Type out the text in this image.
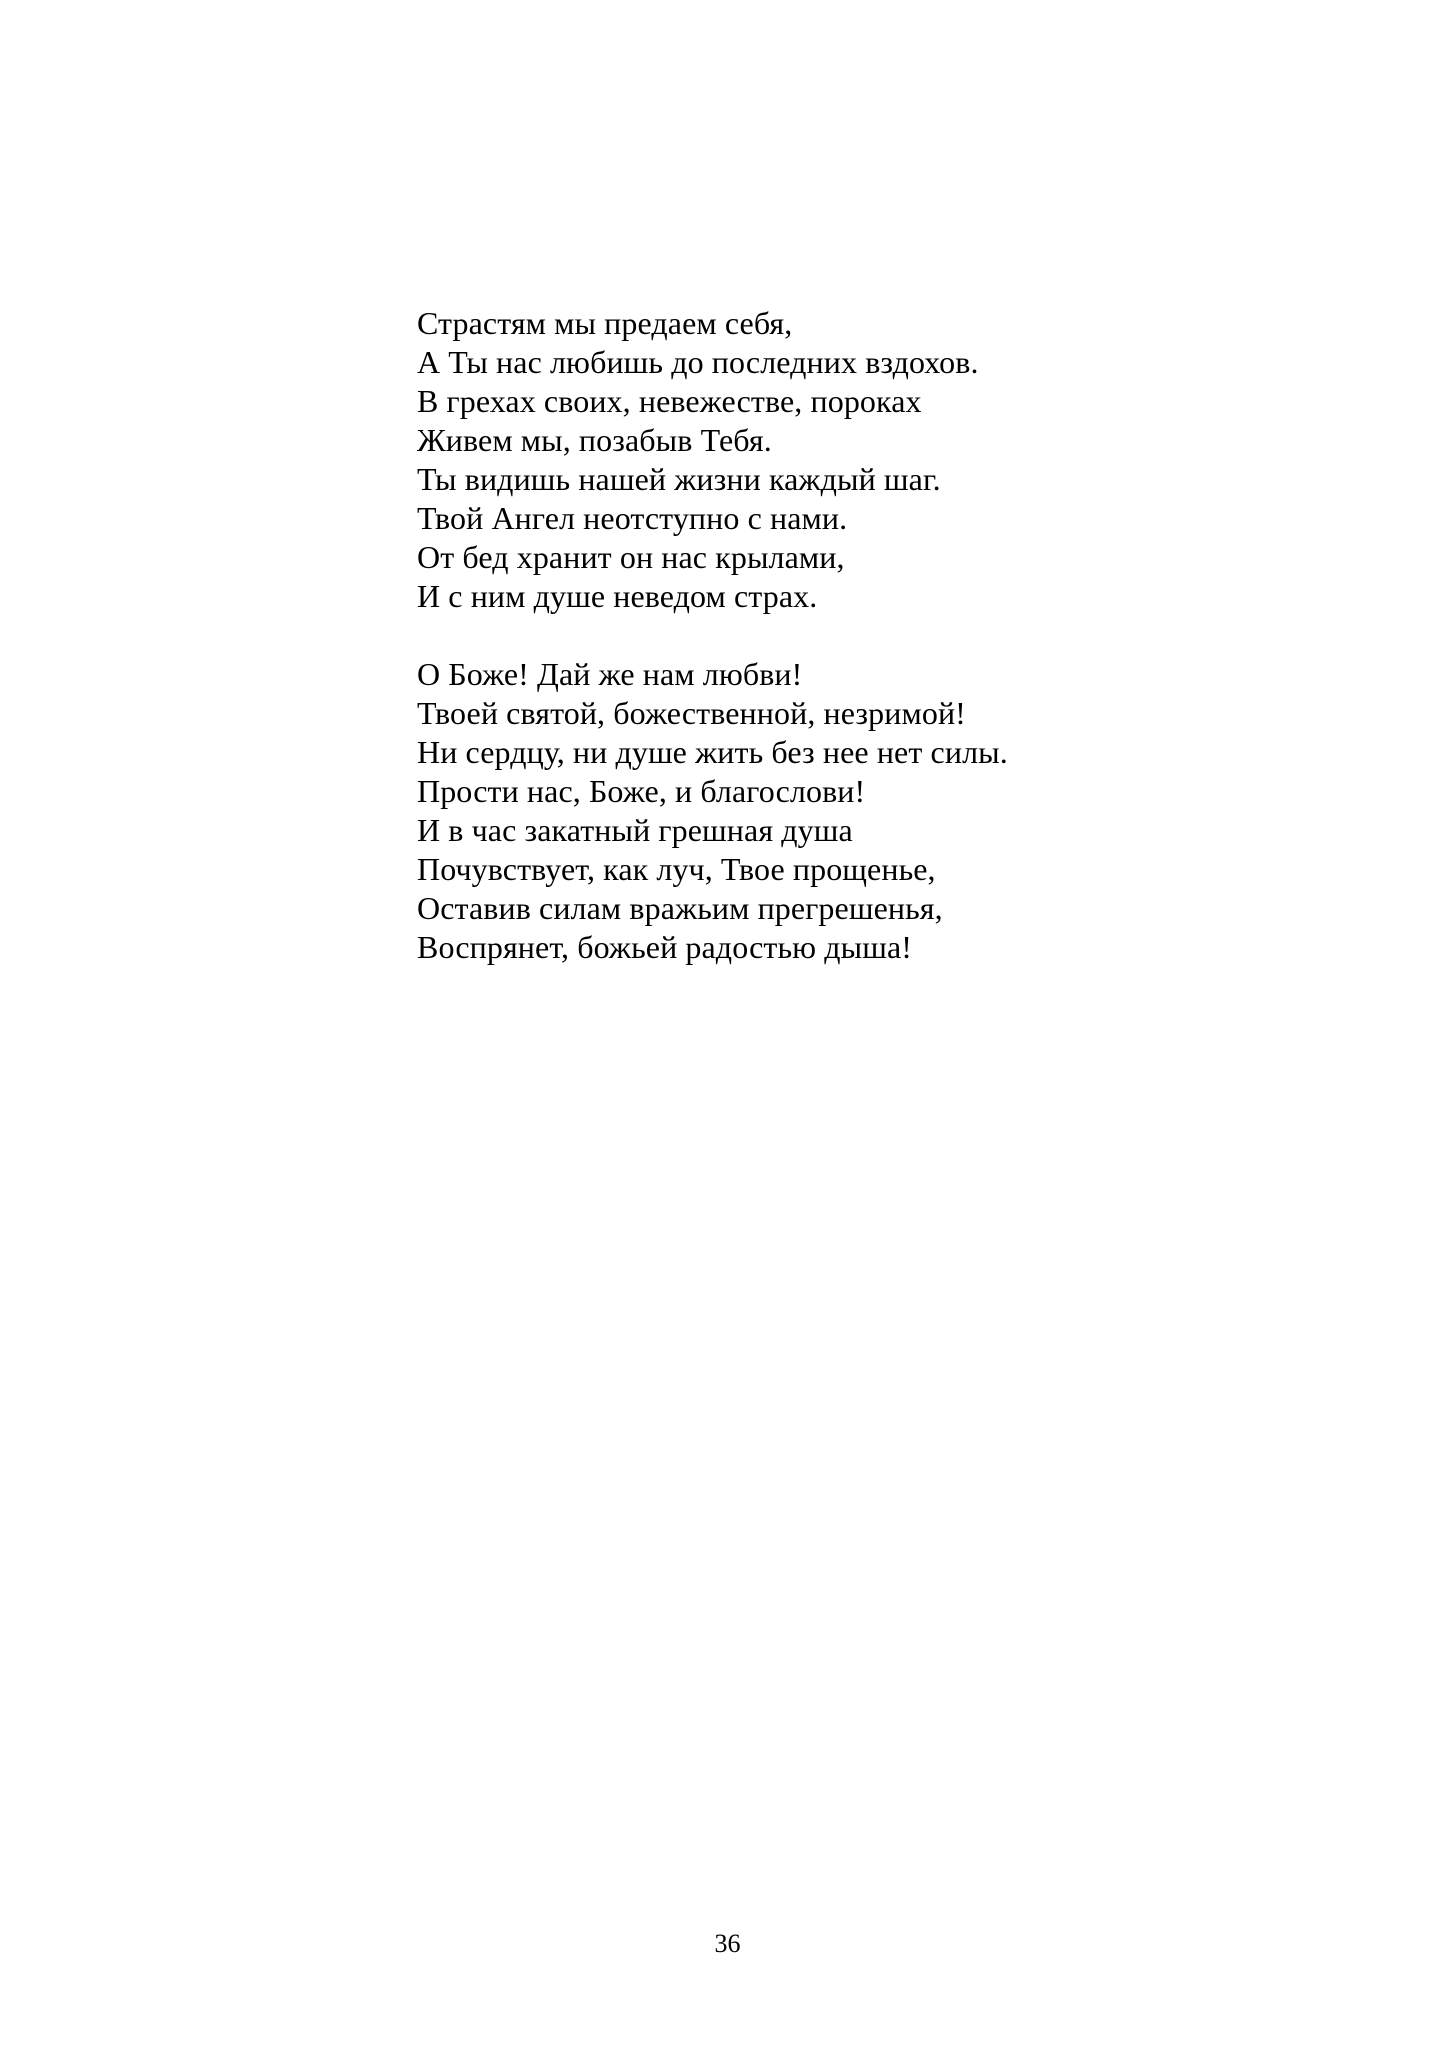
Страстям мы предаем себя,
А Ты нас любишь до последних вздохов.
В грехах своих, невежестве, пороках
Живем мы, позабыв Тебя.
Ты видишь нашей жизни каждый шаг.
Твой Ангел неотступно с нами.
От бед хранит он нас крылами,
И с ним душе неведом страх.
О Боже! Дай же нам любви!
Твоей святой, божественной, незримой!
Ни сердцу, ни душе жить без нее нет силы.
Прости нас, Боже, и благослови!
И в час закатный грешная душа
Почувствует, как луч, Твое прощенье,
Оставив силам вражьим прегрешенья,
Воспрянет, божьей радостью дыша!
36
